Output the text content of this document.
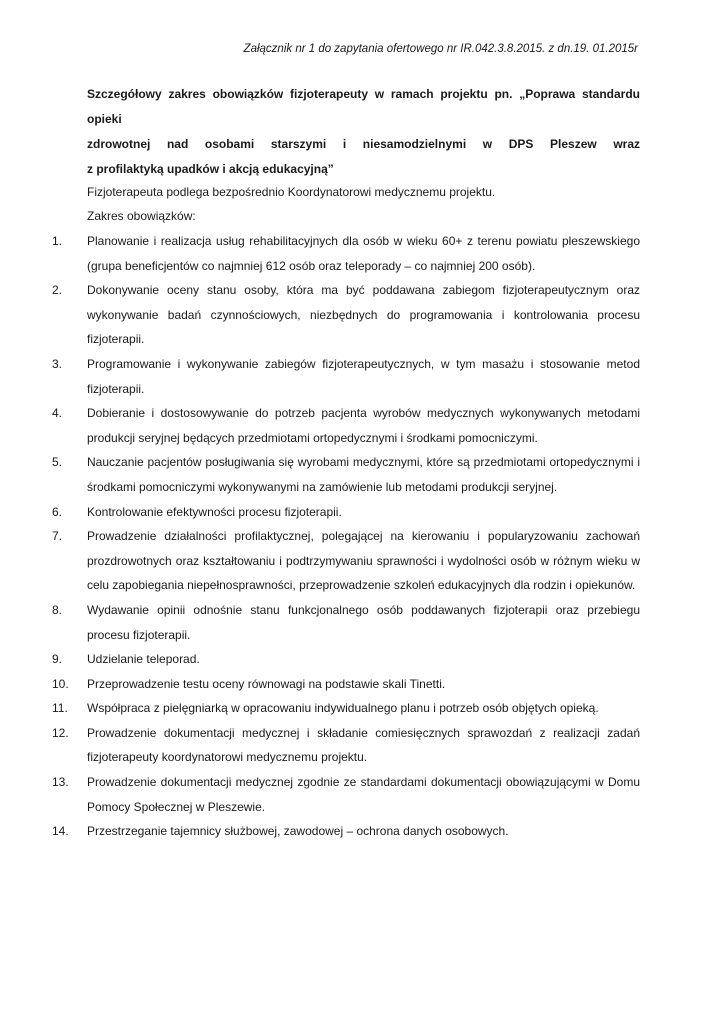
Załącznik nr 1 do zapytania ofertowego nr IR.042.3.8.2015. z dn.19. 01.2015r
Szczegółowy zakres obowiązków fizjoterapeuty w ramach projektu pn. „Poprawa standardu opieki
zdrowotnej nad osobami starszymi i niesamodzielnymi w DPS Pleszew wraz
z profilaktyką upadków i akcją edukacyjną”
Fizjoterapeuta podlega bezpośrednio Koordynatorowi medycznemu projektu.
Zakres obowiązków:
1.	Planowanie i realizacja usług rehabilitacyjnych dla osób w wieku 60+ z terenu powiatu pleszewskiego (grupa beneficjentów co najmniej 612 osób oraz teleporady – co najmniej 200 osób).
2.	Dokonywanie oceny stanu osoby, która ma być poddawana zabiegom fizjoterapeutycznym oraz wykonywanie badań czynnościowych, niezbędnych do programowania i kontrolowania procesu fizjoterapii.
3.	Programowanie i wykonywanie zabiegów fizjoterapeutycznych, w tym masażu i stosowanie metod fizjoterapii.
4.	Dobieranie i dostosowywanie do potrzeb pacjenta wyrobów medycznych wykonywanych metodami produkcji seryjnej będących przedmiotami ortopedycznymi i środkami pomocniczymi.
5.	Nauczanie pacjentów posługiwania się wyrobami medycznymi, które są przedmiotami ortopedycznymi i środkami pomocniczymi wykonywanymi na zamówienie lub metodami produkcji seryjnej.
6.	Kontrolowanie efektywności procesu fizjoterapii.
7.	Prowadzenie działalności profilaktycznej, polegającej na kierowaniu i popularyzowaniu zachowań prozdrowotnych oraz kształtowaniu i podtrzymywaniu sprawności i wydolności osób w różnym wieku w celu zapobiegania niepełnosprawności, przeprowadzenie szkoleń edukacyjnych dla rodzin i opiekunów.
8.	Wydawanie opinii odnośnie stanu funkcjonalnego osób poddawanych fizjoterapii oraz przebiegu procesu fizjoterapii.
9.	Udzielanie teleporad.
10.	Przeprowadzenie testu oceny równowagi na podstawie skali Tinetti.
11.	Współpraca z pielęgniarką w opracowaniu indywidualnego planu i potrzeb osób objętych opieką.
12.	Prowadzenie dokumentacji medycznej i składanie comiesięcznych sprawozdań z realizacji zadań fizjoterapeuty koordynatorowi medycznemu projektu.
13.	Prowadzenie dokumentacji medycznej zgodnie ze standardami dokumentacji obowiązującymi w Domu Pomocy Społecznej w Pleszewie.
14.	Przestrzeganie tajemnicy służbowej, zawodowej – ochrona danych osobowych.
